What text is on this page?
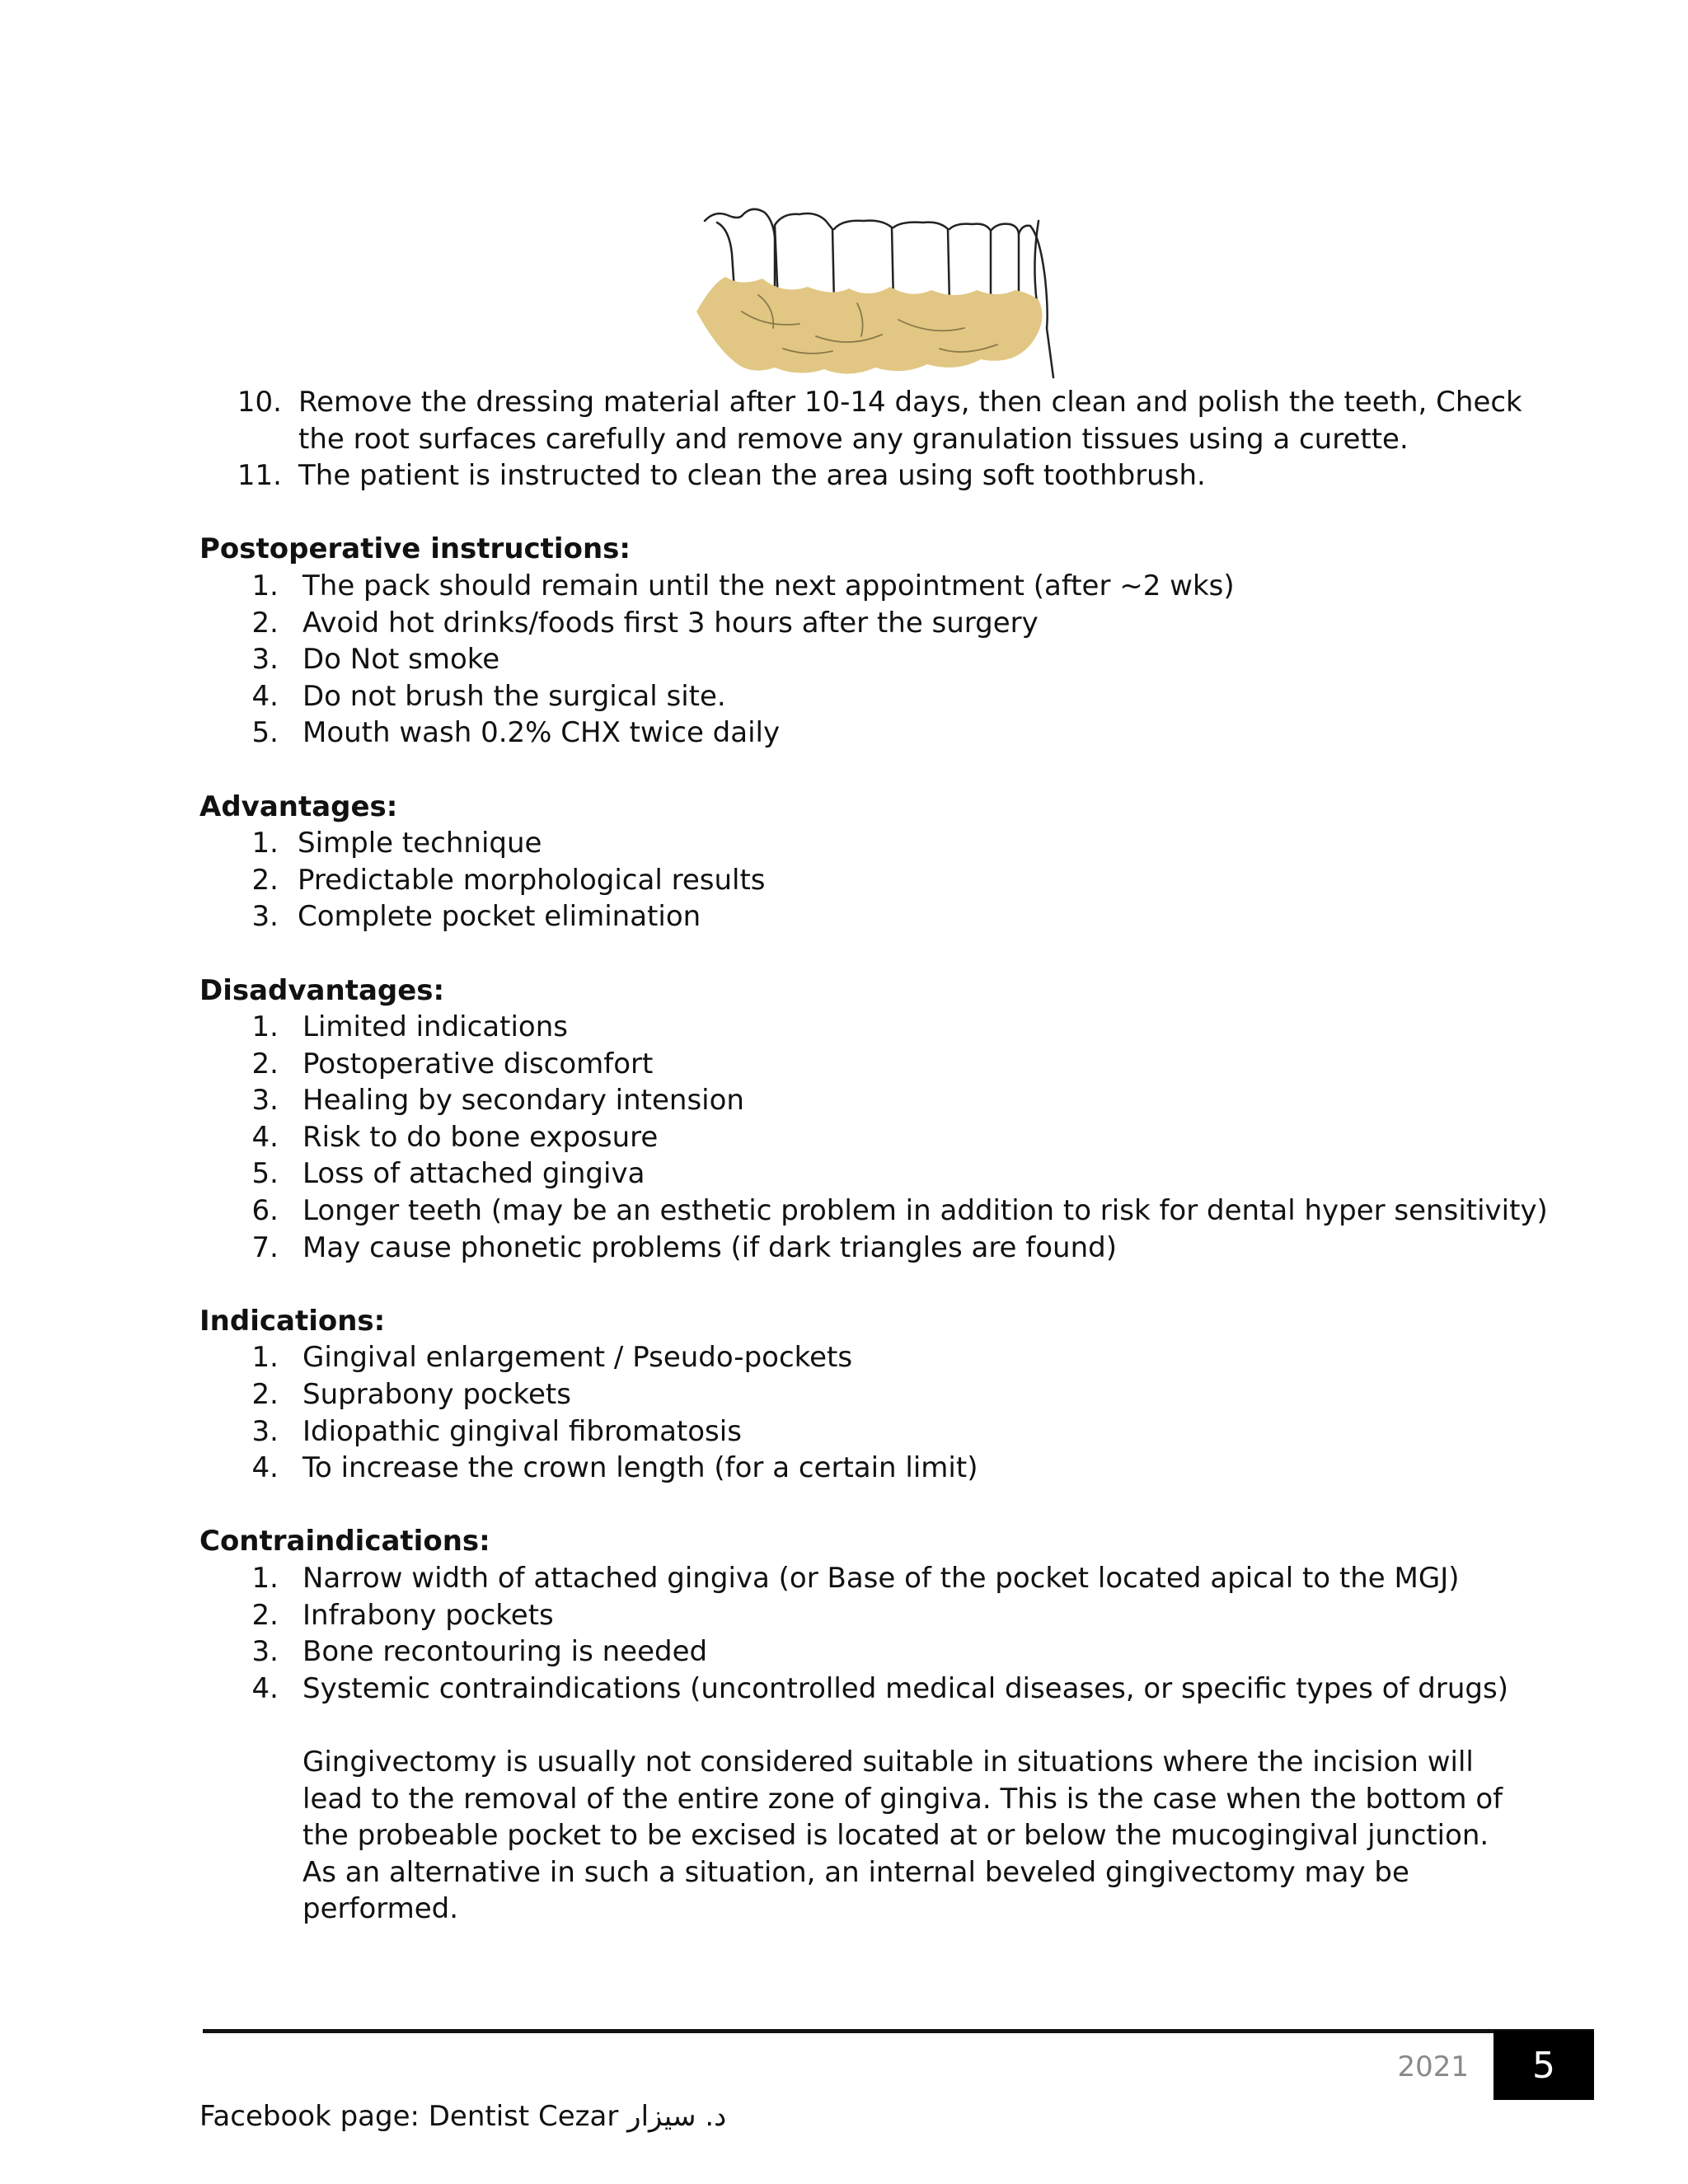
10. Remove the dressing material after 10-14 days, then clean and polish the teeth, Check the root surfaces carefully and remove any granulation tissues using a curette.
11. The patient is instructed to clean the area using soft toothbrush.
Postoperative instructions:
1. The pack should remain until the next appointment (after ~2 wks)
2. Avoid hot drinks/foods first 3 hours after the surgery
3. Do Not smoke
4. Do not brush the surgical site.
5. Mouth wash 0.2% CHX twice daily
Advantages:
1. Simple technique
2. Predictable morphological results
3. Complete pocket elimination
Disadvantages:
1. Limited indications
2. Postoperative discomfort
3. Healing by secondary intension
4. Risk to do bone exposure
5. Loss of attached gingiva
6. Longer teeth (may be an esthetic problem in addition to risk for dental hyper sensitivity)
7. May cause phonetic problems (if dark triangles are found)
Indications:
1. Gingival enlargement / Pseudo-pockets
2. Suprabony pockets
3. Idiopathic gingival fibromatosis
4. To increase the crown length (for a certain limit)
Contraindications:
1. Narrow width of attached gingiva (or Base of the pocket located apical to the MGJ)
2. Infrabony pockets
3. Bone recontouring is needed
4. Systemic contraindications (uncontrolled medical diseases, or specific types of drugs)
Gingivectomy is usually not considered suitable in situations where the incision will lead to the removal of the entire zone of gingiva. This is the case when the bottom of the probeable pocket to be excised is located at or below the mucogingival junction. As an alternative in such a situation, an internal beveled gingivectomy may be performed.
2021 5
Facebook page: Dentist Cezar د. سيزار
